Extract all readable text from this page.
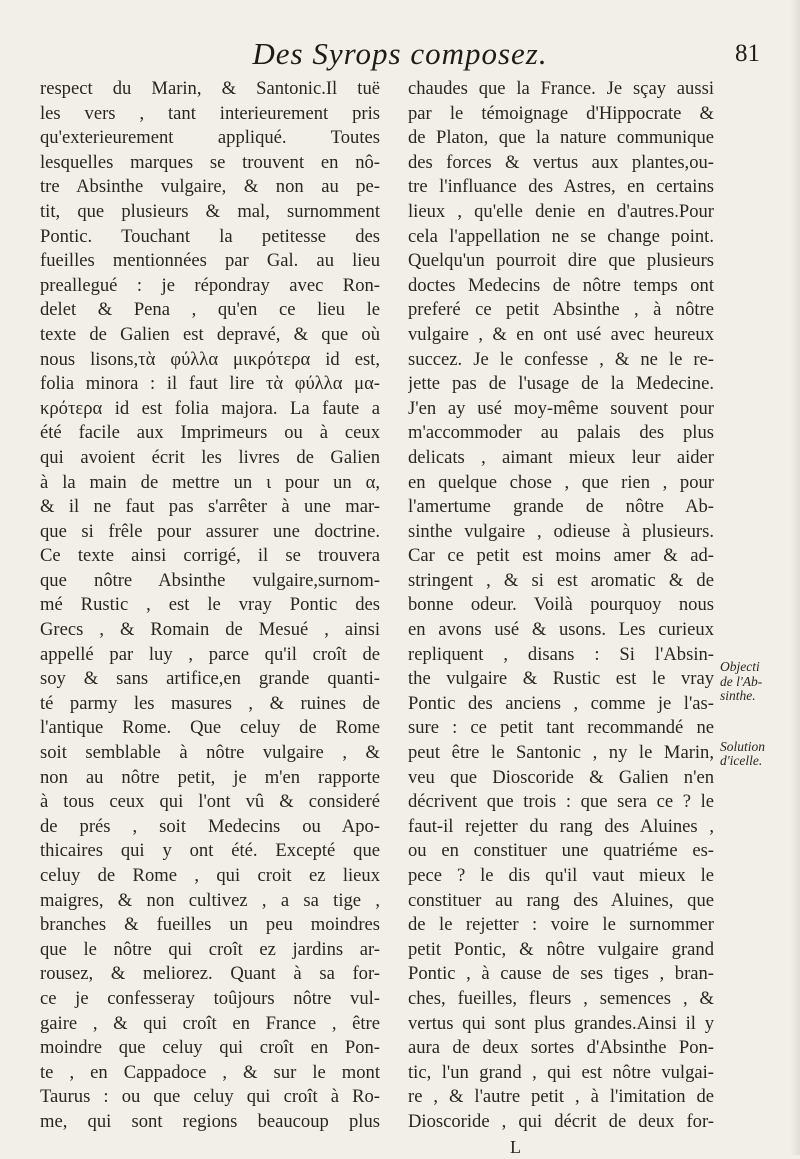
Des Syrops composez.	81
respect du Marin, & Santonic.Il tuë
les vers , tant interieurement pris
qu'exterieurement appliqué. Toutes
lesquelles marques se trouvent en nô-
tre Absinthe vulgaire, & non au pe-
tit, que plusieurs & mal, surnomment
Pontic. Touchant la petitesse des
fueilles mentionnées par Gal. au lieu
preallegué : je répondray avec Ron-
delet & Pena , qu'en ce lieu le
texte de Galien est depravé, & que où
nous lisons,τὰ φύλλα μικρότερα id est,
folia minora : il faut lire τὰ φύλλα μα-
κρότερα id est folia majora. La faute a
été facile aux Imprimeurs ou à ceux
qui avoient écrit les livres de Galien
à la main de mettre un ι pour un α,
& il ne faut pas s'arrêter à une mar-
que si frêle pour assurer une doctrine.
Ce texte ainsi corrigé, il se trouvera
que nôtre Absinthe vulgaire,surnom-
mé Rustic , est le vray Pontic des
Grecs , & Romain de Mesué , ainsi
appellé par luy , parce qu'il croît de
soy & sans artifice,en grande quanti-
té parmy les masures , & ruines de
l'antique Rome. Que celuy de Rome
soit semblable à nôtre vulgaire , &
non au nôtre petit, je m'en rapporte
à tous ceux qui l'ont vû & consideré
de prés , soit Medecins ou Apo-
thicaires qui y ont été. Excepté que
celuy de Rome , qui croit ez lieux
maigres, & non cultivez , a sa tige ,
branches & fueilles un peu moindres
que le nôtre qui croît ez jardins ar-
rousez, & meliorez. Quant à sa for-
ce je confesseray toûjours nôtre vul-
gaire , & qui croît en France , être
moindre que celuy qui croît en Pon-
te , en Cappadoce , & sur le mont
Taurus : ou que celuy qui croît à Ro-
me, qui sont regions beaucoup plus
chaudes que la France. Je sçay aussi
par le témoignage d'Hippocrate &
de Platon, que la nature communique
des forces & vertus aux plantes,ou-
tre l'influance des Astres, en certains
lieux , qu'elle denie en d'autres.Pour
cela l'appellation ne se change point.
Quelqu'un pourroit dire que plusieurs
doctes Medecins de nôtre temps ont
preferé ce petit Absinthe , à nôtre
vulgaire , & en ont usé avec heureux
succez. Je le confesse , & ne le re-
jette pas de l'usage de la Medecine.
J'en ay usé moy-même souvent pour
m'accommoder au palais des plus
delicats , aimant mieux leur aider
en quelque chose , que rien , pour
l'amertume grande de nôtre Ab-
sinthe vulgaire , odieuse à plusieurs.
Car ce petit est moins amer & ad-
stringent , & si est aromatic & de
bonne odeur. Voilà pourquoy nous
en avons usé & usons. Les curieux
repliquent , disans : Si l'Absin-
the vulgaire & Rustic est le vray
Pontic des anciens , comme je l'as-
sure : ce petit tant recommandé ne
peut être le Santonic , ny le Marin,
veu que Dioscoride & Galien n'en
décrivent que trois : que sera ce ? le
faut-il rejetter du rang des Aluines ,
ou en constituer une quatriéme es-
pece ? le dis qu'il vaut mieux le
constituer au rang des Aluines, que
de le rejetter : voire le surnommer
petit Pontic, & nôtre vulgaire grand
Pontic , à cause de ses tiges , bran-
ches, fueilles, fleurs , semences , &
vertus qui sont plus grandes.Ainsi il y
aura de deux sortes d'Absinthe Pon-
tic, l'un grand , qui est nôtre vulgai-
re , & l'autre petit , à l'imitation de
Dioscoride , qui décrit de deux for-
L
Objecti
de l'Ab-
sinthe.
Solution
d'icelle.
